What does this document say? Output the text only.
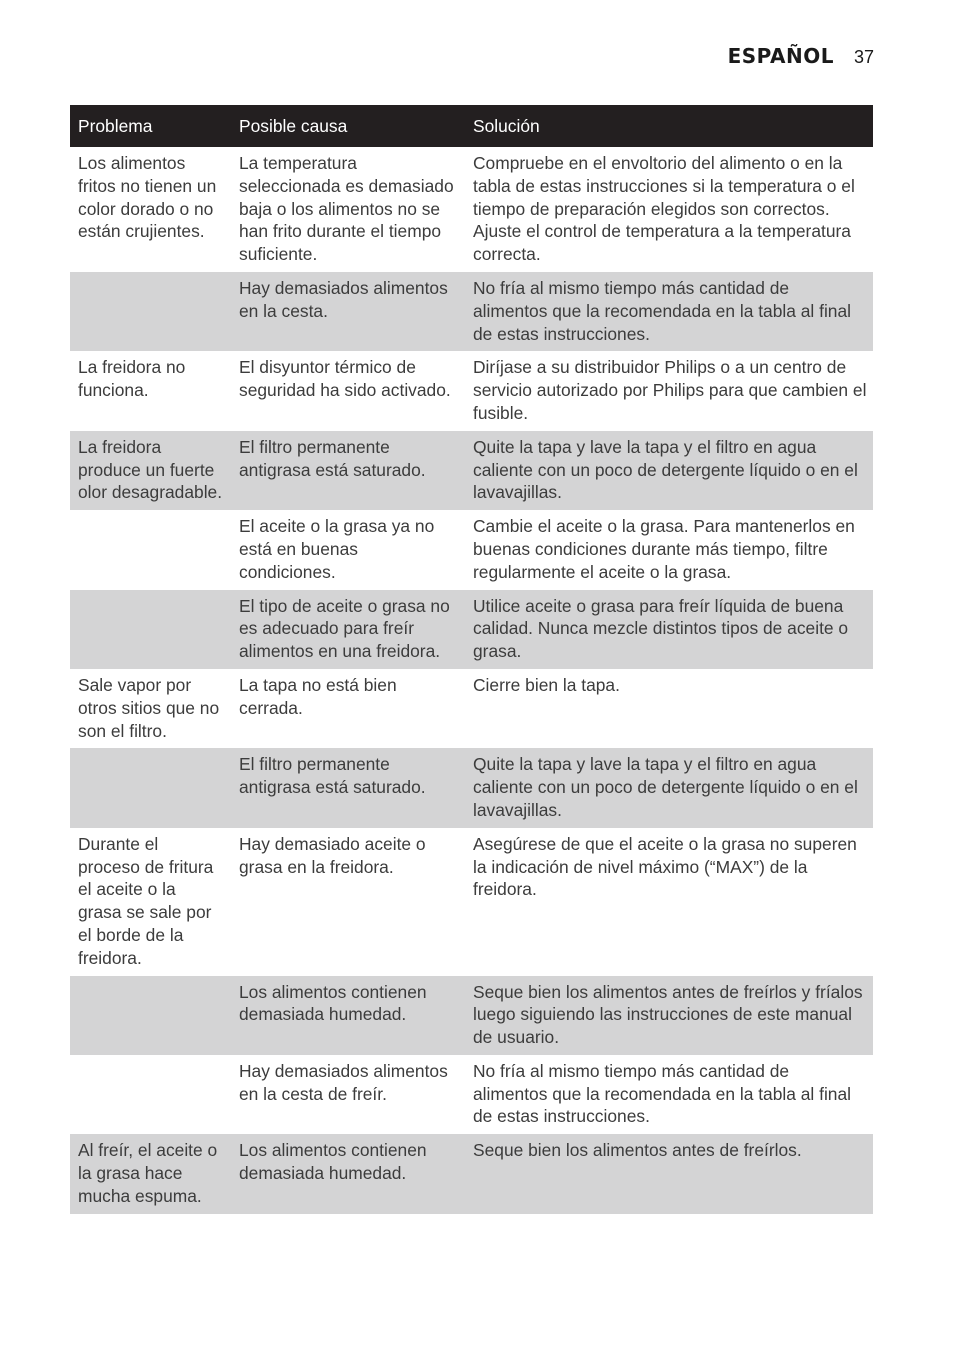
ESPAÑOL 37
Problema	Posible causa	Solución
Los alimentos fritos no tienen un color dorado o no están crujientes.	La temperatura seleccionada es demasiado baja o los alimentos no se han frito durante el tiempo suficiente.	Compruebe en el envoltorio del alimento o en la tabla de estas instrucciones si la temperatura o el tiempo de preparación elegidos son correctos. Ajuste el control de temperatura a la temperatura correcta.
	Hay demasiados alimentos en la cesta.	No fría al mismo tiempo más cantidad de alimentos que la recomendada en la tabla al final de estas instrucciones.
La freidora no funciona.	El disyuntor térmico de seguridad ha sido activado.	Diríjase a su distribuidor Philips o a un centro de servicio autorizado por Philips para que cambien el fusible.
La freidora produce un fuerte olor desagradable.	El filtro permanente antigrasa está saturado.	Quite la tapa y lave la tapa y el filtro en agua caliente con un poco de detergente líquido o en el lavavajillas.
	El aceite o la grasa ya no está en buenas condiciones.	Cambie el aceite o la grasa. Para mantenerlos en buenas condiciones durante más tiempo, filtre regularmente el aceite o la grasa.
	El tipo de aceite o grasa no es adecuado para freír alimentos en una freidora.	Utilice aceite o grasa para freír líquida de buena calidad. Nunca mezcle distintos tipos de aceite o grasa.
Sale vapor por otros sitios que no son el filtro.	La tapa no está bien cerrada.	Cierre bien la tapa.
	El filtro permanente antigrasa está saturado.	Quite la tapa y lave la tapa y el filtro en agua caliente con un poco de detergente líquido o en el lavavajillas.
Durante el proceso de fritura el aceite o la grasa se sale por el borde de la freidora.	Hay demasiado aceite o grasa en la freidora.	Asegúrese de que el aceite o la grasa no superen la indicación de nivel máximo (“MAX”) de la freidora.
	Los alimentos contienen demasiada humedad.	Seque bien los alimentos antes de freírlos y fríalos luego siguiendo las instrucciones de este manual de usuario.
	Hay demasiados alimentos en la cesta de freír.	No fría al mismo tiempo más cantidad de alimentos que la recomendada en la tabla al final de estas instrucciones.
Al freír, el aceite o la grasa hace mucha espuma.	Los alimentos contienen demasiada humedad.	Seque bien los alimentos antes de freírlos.
